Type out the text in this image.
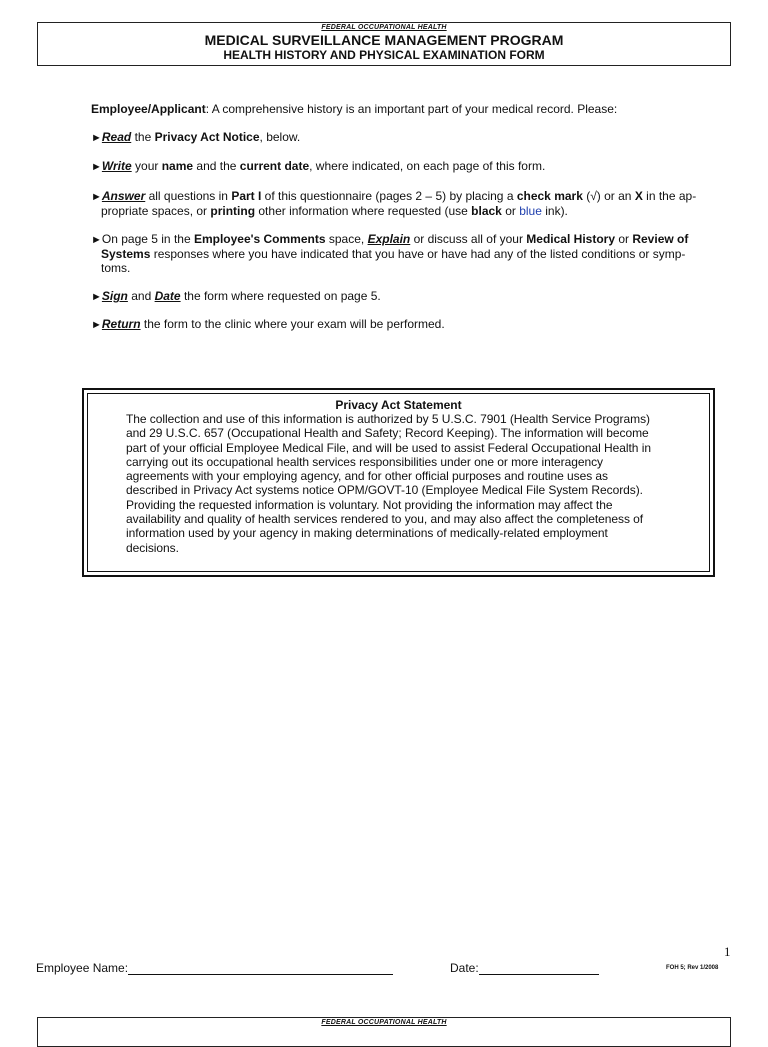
FEDERAL OCCUPATIONAL HEALTH
MEDICAL SURVEILLANCE MANAGEMENT PROGRAM
HEALTH HISTORY AND PHYSICAL EXAMINATION FORM
Employee/Applicant: A comprehensive history is an important part of your medical record. Please:
►Read the Privacy Act Notice, below.
►Write your name and the current date, where indicated, on each page of this form.
►Answer all questions in Part I of this questionnaire (pages 2 – 5) by placing a check mark (√) or an X in the ap-
propriate spaces, or printing other information where requested (use black or blue ink).
►On page 5 in the Employee's Comments space, Explain or discuss all of your Medical History or Review of
Systems responses where you have indicated that you have or have had any of the listed conditions or symp-
toms.
►Sign and Date the form where requested on page 5.
►Return the form to the clinic where your exam will be performed.
Privacy Act Statement
The collection and use of this information is authorized by 5 U.S.C. 7901 (Health Service Programs)
and 29 U.S.C. 657 (Occupational Health and Safety; Record Keeping). The information will become
part of your official Employee Medical File, and will be used to assist Federal Occupational Health in
carrying out its occupational health services responsibilities under one or more interagency
agreements with your employing agency, and for other official purposes and routine uses as
described in Privacy Act systems notice OPM/GOVT-10 (Employee Medical File System Records).
Providing the requested information is voluntary. Not providing the information may affect the
availability and quality of health services rendered to you, and may also affect the completeness of
information used by your agency in making determinations of medically-related employment
decisions.
1
Employee Name:	Date:	FOH 5; Rev 1/2008
FEDERAL OCCUPATIONAL HEALTH
